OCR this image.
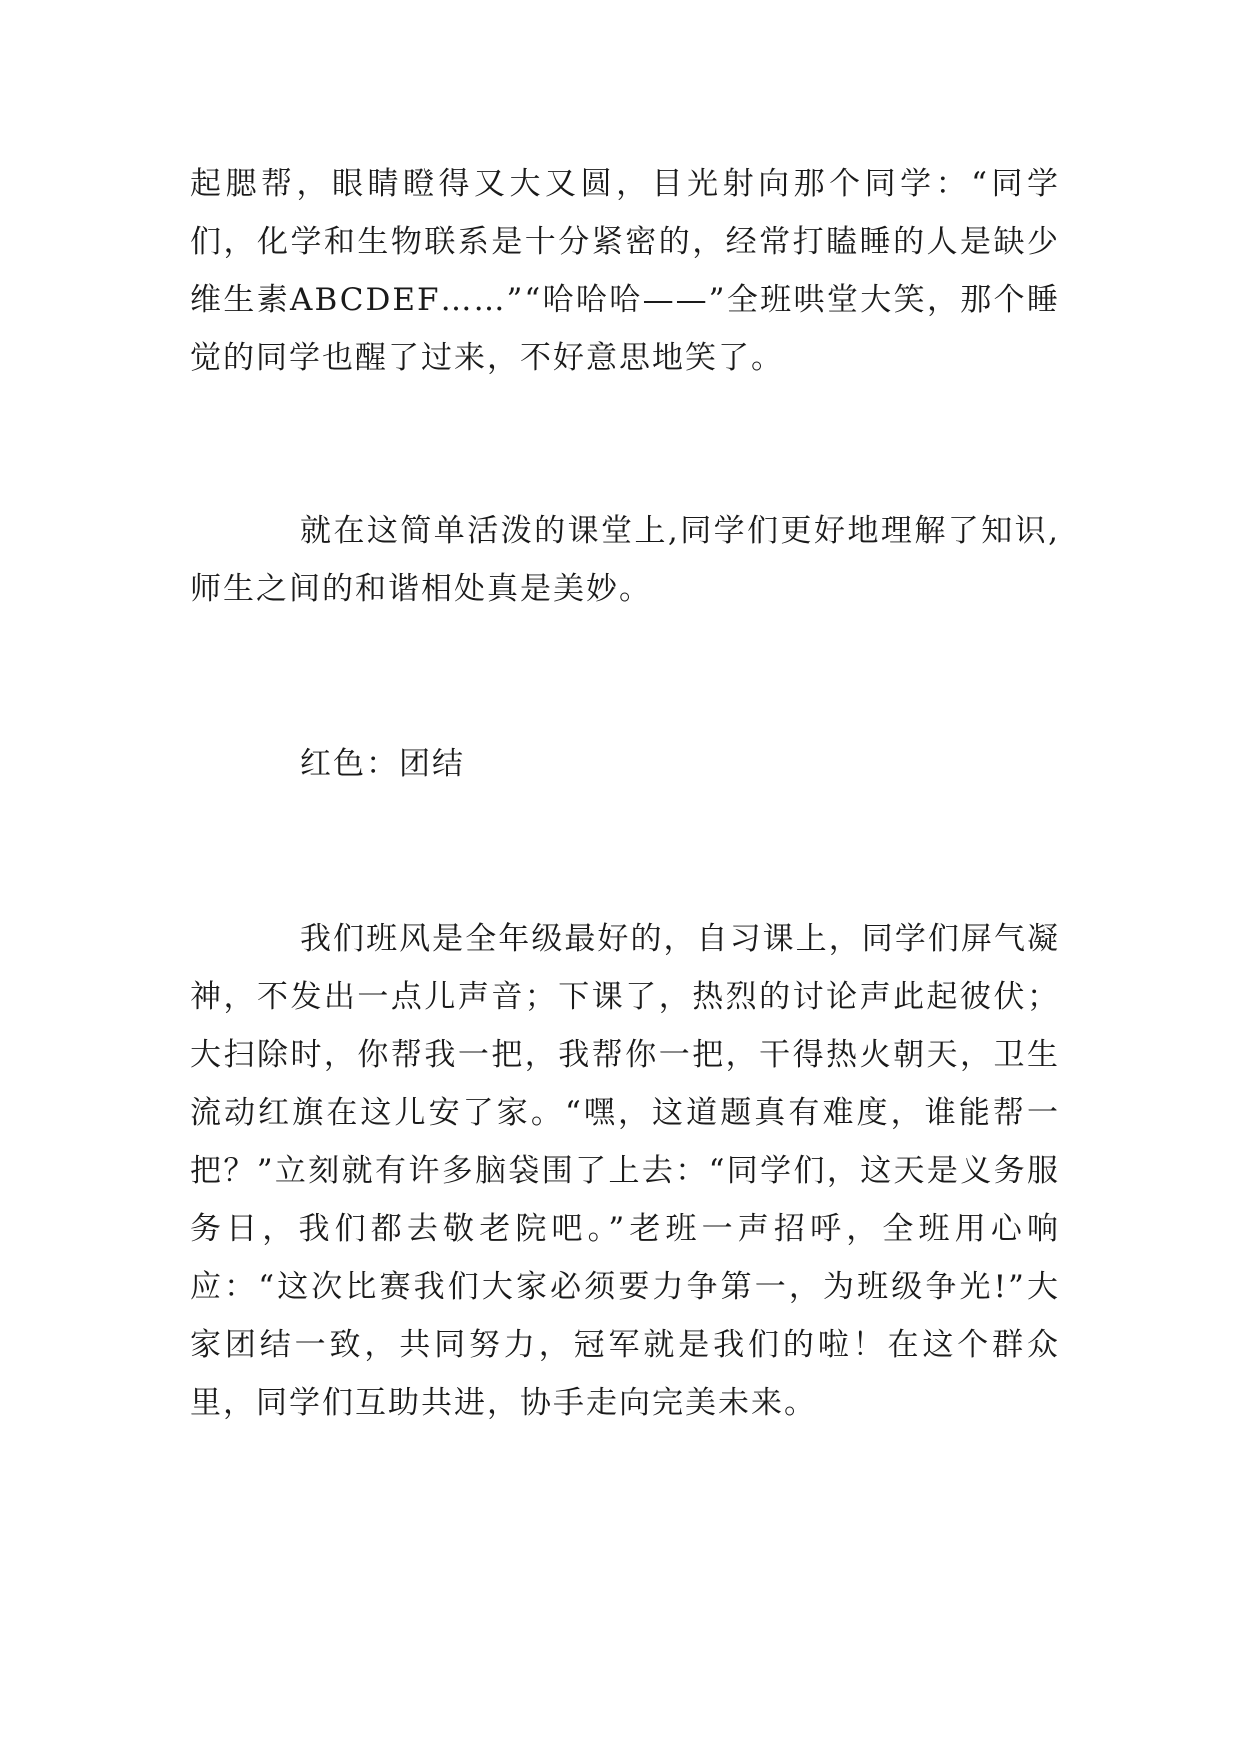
起腮帮，眼睛瞪得又大又圆，目光射向那个同学：“同学们，化学和生物联系是十分紧密的，经常打瞌睡的人是缺少维生素ABCDEF……”“哈哈哈——”全班哄堂大笑，那个睡觉的同学也醒了过来，不好意思地笑了。

就在这简单活泼的课堂上,同学们更好地理解了知识,师生之间的和谐相处真是美妙。

红色：团结

我们班风是全年级最好的，自习课上，同学们屏气凝神，不发出一点儿声音；下课了，热烈的讨论声此起彼伏；大扫除时，你帮我一把，我帮你一把，干得热火朝天，卫生流动红旗在这儿安了家。“嘿，这道题真有难度，谁能帮一把？”立刻就有许多脑袋围了上去：“同学们，这天是义务服务日，我们都去敬老院吧。”老班一声招呼，全班用心响应：“这次比赛我们大家必须要力争第一，为班级争光!”大家团结一致，共同努力，冠军就是我们的啦！在这个群众里，同学们互助共进，协手走向完美未来。
